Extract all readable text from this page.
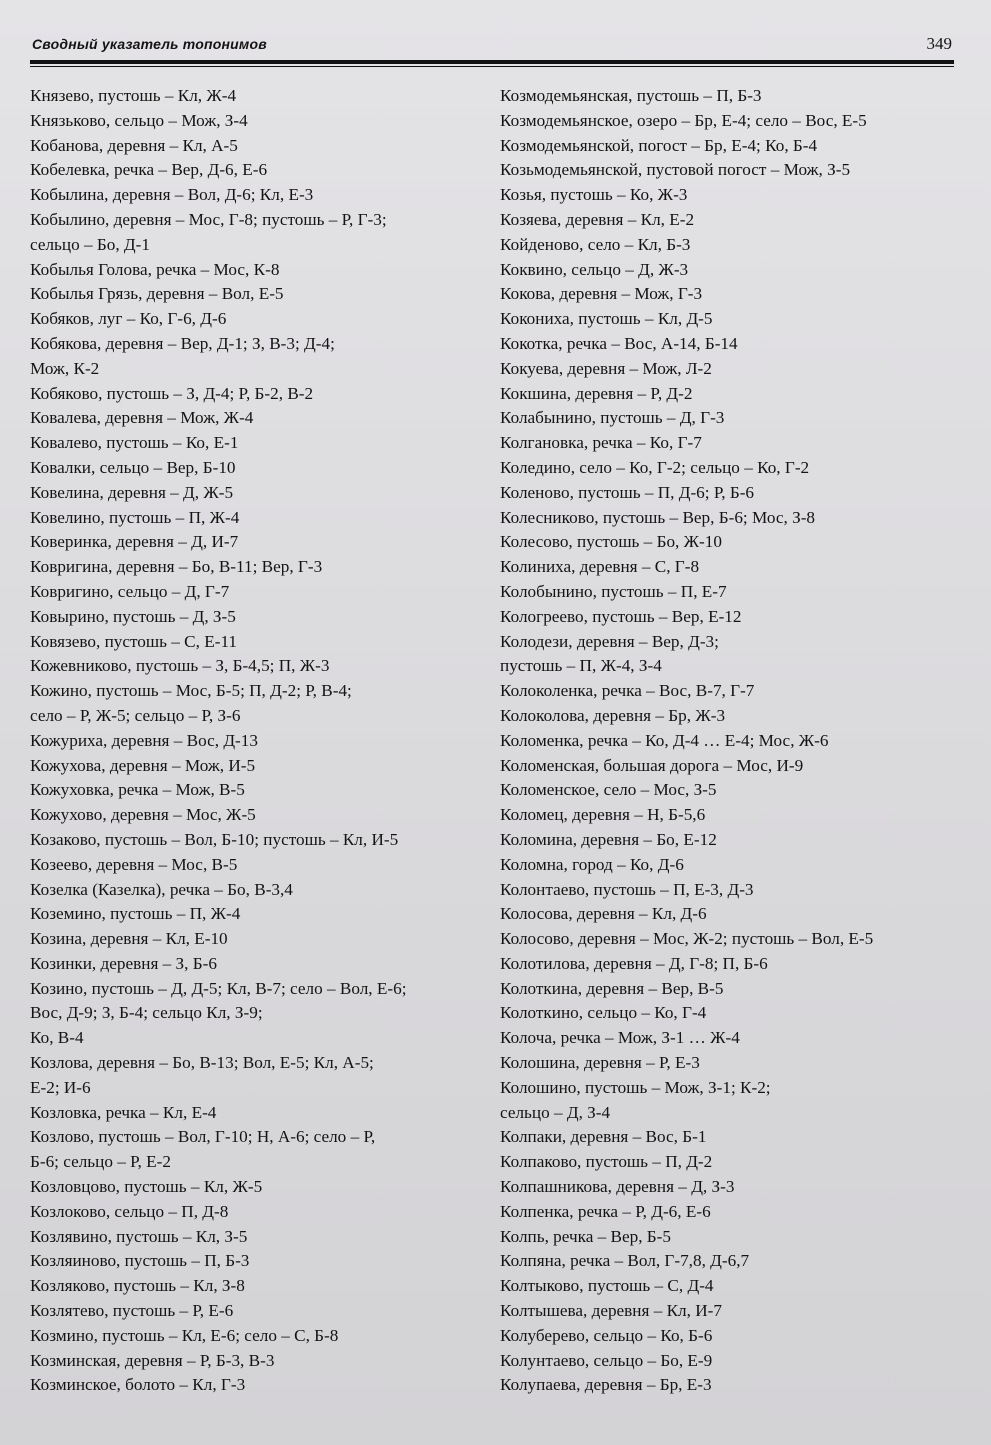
Сводный указатель топонимов	349
Князево, пустошь – Кл, Ж-4
Князьково, сельцо – Мож, З-4
Кобанова, деревня – Кл, А-5
Кобелевка, речка – Вер, Д-6, Е-6
Кобылина, деревня – Вол, Д-6; Кл, Е-3
Кобылино, деревня – Мос, Г-8; пустошь – Р, Г-3;
сельцо – Бо, Д-1
Кобылья Голова, речка – Мос, К-8
Кобылья Грязь, деревня – Вол, Е-5
Кобяков, луг – Ко, Г-6, Д-6
Кобякова, деревня – Вер, Д-1; З, В-3; Д-4;
Мож, К-2
Кобяково, пустошь – З, Д-4; Р, Б-2, В-2
Ковалева, деревня – Мож, Ж-4
Ковалево, пустошь – Ко, Е-1
Ковалки, сельцо – Вер, Б-10
Ковелина, деревня – Д, Ж-5
Ковелино, пустошь – П, Ж-4
Коверинка, деревня – Д, И-7
Ковригина, деревня – Бо, В-11; Вер, Г-3
Ковригино, сельцо – Д, Г-7
Ковырино, пустошь – Д, З-5
Ковязево, пустошь – С, Е-11
Кожевниково, пустошь – З, Б-4,5; П, Ж-3
Кожино, пустошь – Мос, Б-5; П, Д-2; Р, В-4;
село – Р, Ж-5; сельцо – Р, З-6
Кожуриха, деревня – Вос, Д-13
Кожухова, деревня – Мож, И-5
Кожуховка, речка – Мож, В-5
Кожухово, деревня – Мос, Ж-5
Козаково, пустошь – Вол, Б-10; пустошь – Кл, И-5
Козеево, деревня – Мос, В-5
Козелка (Казелка), речка – Бо, В-3,4
Коземино, пустошь – П, Ж-4
Козина, деревня – Кл, Е-10
Козинки, деревня – З, Б-6
Козино, пустошь – Д, Д-5; Кл, В-7; село – Вол, Е-6;
Вос, Д-9; З, Б-4; сельцо Кл, З-9;
Ко, В-4
Козлова, деревня – Бо, В-13; Вол, Е-5; Кл, А-5;
Е-2; И-6
Козловка, речка – Кл, Е-4
Козлово, пустошь – Вол, Г-10; Н, А-6; село – Р,
Б-6; сельцо – Р, Е-2
Козловцово, пустошь – Кл, Ж-5
Козлоково, сельцо – П, Д-8
Козлявино, пустошь – Кл, З-5
Козляиново, пустошь – П, Б-3
Козляково, пустошь – Кл, З-8
Козлятево, пустошь – Р, Е-6
Козмино, пустошь – Кл, Е-6; село – С, Б-8
Козминская, деревня – Р, Б-3, В-3
Козминское, болото – Кл, Г-3
Козмодемьянская, пустошь – П, Б-3
Козмодемьянское, озеро – Бр, Е-4; село – Вос, Е-5
Козмодемьянской, погост – Бр, Е-4; Ко, Б-4
Козьмодемьянской, пустовой погост – Мож, З-5
Козья, пустошь – Ко, Ж-3
Козяева, деревня – Кл, Е-2
Койденово, село – Кл, Б-3
Коквино, сельцо – Д, Ж-3
Кокова, деревня – Мож, Г-3
Кокониха, пустошь – Кл, Д-5
Кокотка, речка – Вос, А-14, Б-14
Кокуева, деревня – Мож, Л-2
Кокшина, деревня – Р, Д-2
Колабынино, пустошь – Д, Г-3
Колгановка, речка – Ко, Г-7
Коледино, село – Ко, Г-2; сельцо – Ко, Г-2
Коленово, пустошь – П, Д-6; Р, Б-6
Колесниково, пустошь – Вер, Б-6; Мос, З-8
Колесово, пустошь – Бо, Ж-10
Колиниха, деревня – С, Г-8
Колобынино, пустошь – П, Е-7
Кологреево, пустошь – Вер, Е-12
Колодези, деревня – Вер, Д-3;
пустошь – П, Ж-4, З-4
Колоколенка, речка – Вос, В-7, Г-7
Колоколова, деревня – Бр, Ж-3
Коломенка, речка – Ко, Д-4 … Е-4; Мос, Ж-6
Коломенская, большая дорога – Мос, И-9
Коломенское, село – Мос, З-5
Коломец, деревня – Н, Б-5,6
Коломина, деревня – Бо, Е-12
Коломна, город – Ко, Д-6
Колонтаево, пустошь – П, Е-3, Д-3
Колосова, деревня – Кл, Д-6
Колосово, деревня – Мос, Ж-2; пустошь – Вол, Е-5
Колотилова, деревня – Д, Г-8; П, Б-6
Колоткина, деревня – Вер, В-5
Колоткино, сельцо – Ко, Г-4
Колоча, речка – Мож, З-1 … Ж-4
Колошина, деревня – Р, Е-3
Колошино, пустошь – Мож, З-1; К-2;
сельцо – Д, З-4
Колпаки, деревня – Вос, Б-1
Колпаково, пустошь – П, Д-2
Колпашникова, деревня – Д, З-3
Колпенка, речка – Р, Д-6, Е-6
Колпь, речка – Вер, Б-5
Колпяна, речка – Вол, Г-7,8, Д-6,7
Колтыково, пустошь – С, Д-4
Колтышева, деревня – Кл, И-7
Колуберево, сельцо – Ко, Б-6
Колунтаево, сельцо – Бо, Е-9
Колупаева, деревня – Бр, Е-3
